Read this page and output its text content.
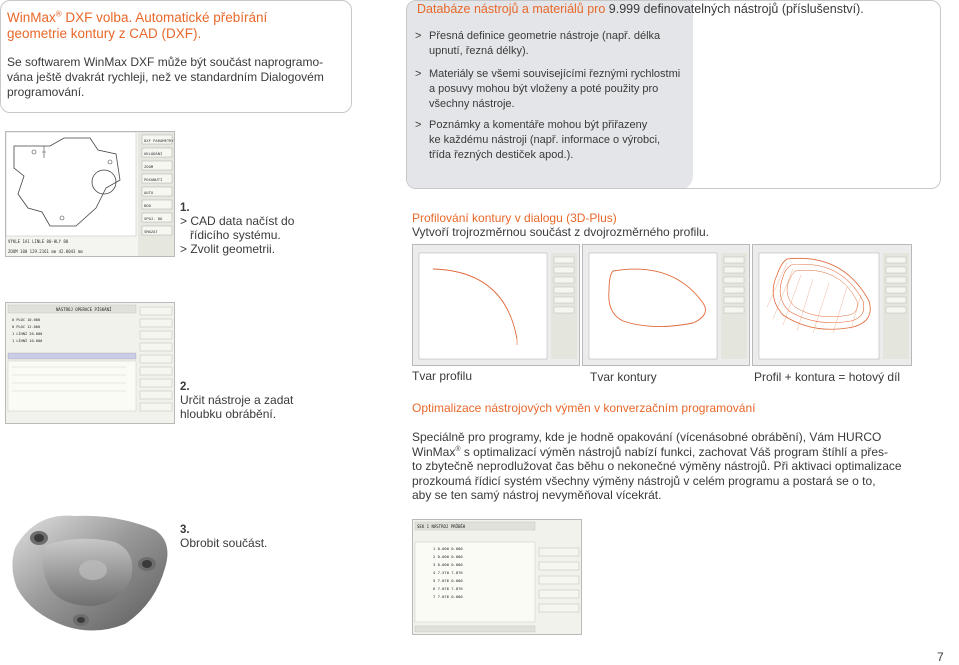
WinMax® DXF volba. Automatické přebírání
geometrie kontury z CAD (DXF).
Se softwarem WinMax DXF může být součást naprogramo-
vána ještě dvakrát rychleji, než ve standardním Dialogovém
programování.
Databáze nástrojů a materiálů pro 9.999 definovatelných nástrojů (příslušenství).
> Přesná definice geometrie nástroje (např. délka
upnutí, řezná délky).
> Materiály se všemi souvisejícími řeznými rychlostmi
a posuvy mohou být vloženy a poté použity pro
všechny nástroje.
> Poznámky a komentáře mohou být přiřazeny
ke každému nástroji (např. informace o výrobci,
třída řezných destiček apod.).
DXF PARAMETRY
UKLÁDÁNÍ
ZOOM
POSUNUTÍ
AUTO
BOD
SPOJ. DO
SMAZAT
VÝKLE 1A1 LINLE 80-HLY 80
ZOOM 100 129.2161 mm 42.0043 mm
1.
> CAD data načíst do
řídicího systému.
> Zvolit geometrii.
Profilování kontury v dialogu (3D-Plus)
Vytvoří trojrozměrnou součást z dvojrozměrného profilu.
Tvar profilu	Tvar kontury	Profil + kontura = hotový díl
NÁSTROJ OPERACE PÍSKÁNÍ
0 PLOC 10.000
0 PLOC 12.000
1 LÍHNÍ 20.000
1 LÍHNÍ 10.000
2.
Určit nástroje a zadat
hloubku obrábění.	Optimalizace nástrojových výměn v konverzačním programování
Speciálně pro programy, kde je hodně opakování (vícenásobné obrábění), Vám HURCO
WinMax® s optimalizací výměn nástrojů nabízí funkci, zachovat Váš program štíhlí a přes-
to zbytečně neprodlužovat čas běhu o nekonečné výměny nástrojů. Při aktivaci optimalizace
prozkoumá řídicí systém všechny výměny nástrojů v celém programu a postará se o to,
aby se ten samý nástroj nevyměňoval vícekrát.
3.
Obrobit součást.
SEK 1 NÁSTROJ PRŮBĚH
1 0.000 0.000
2 0.000 0.000
3 0.000 0.000
4 7.570 7.876
5 7.876 0.000
6 7.876 7.876
7 7.876 0.000
7
